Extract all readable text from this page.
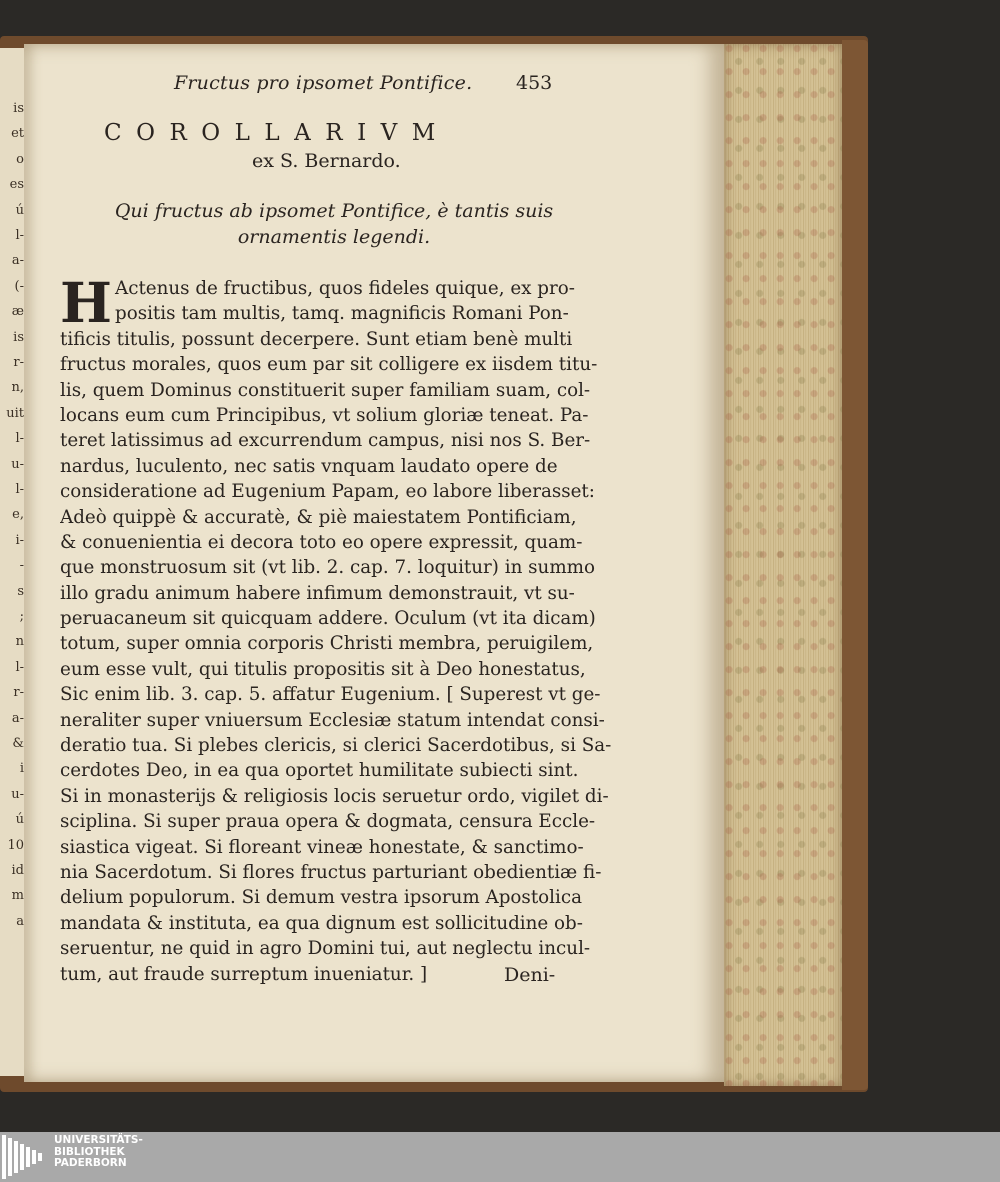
is
et
o
es
ú
l-
a-
(-
æ
is
r-
n,
uit
l-
u-
l-
e,
i-
-
s
;
n
l-
r-
a-
&
i
u-
ú
10
id
m
a
Fructus pro ipsomet Pontifice. 453
COROLLARIVM
ex S. Bernardo.
Qui fructus ab ipsomet Pontifice, è tantis suis
ornamentis legendi.
H Actenus de fructibus, quos fideles quique, ex pro-
positis tam multis, tamq. magnificis Romani Pon-
tificis titulis, possunt decerpere. Sunt etiam benè multi
fructus morales, quos eum par sit colligere ex iisdem titu-
lis, quem Dominus constituerit super familiam suam, col-
locans eum cum Principibus, vt solium gloriæ teneat. Pa-
teret latissimus ad excurrendum campus, nisi nos S. Ber-
nardus, luculento, nec satis vnquam laudato opere de
consideratione ad Eugenium Papam, eo labore liberasset:
Adeò quippè & accuratè, & piè maiestatem Pontificiam,
& conuenientia ei decora toto eo opere expressit, quam-
que monstruosum sit (vt lib. 2. cap. 7. loquitur) in summo
illo gradu animum habere infimum demonstrauit, vt su-
peruacaneum sit quicquam addere. Oculum (vt ita dicam)
totum, super omnia corporis Christi membra, peruigilem,
eum esse vult, qui titulis propositis sit à Deo honestatus,
Sic enim lib. 3. cap. 5. affatur Eugenium. [ Superest vt ge-
neraliter super vniuersum Ecclesiæ statum intendat consi-
deratio tua. Si plebes clericis, si clerici Sacerdotibus, si Sa-
cerdotes Deo, in ea qua oportet humilitate subiecti sint.
Si in monasterijs & religiosis locis seruetur ordo, vigilet di-
sciplina. Si super praua opera & dogmata, censura Eccle-
siastica vigeat. Si floreant vineæ honestate, & sanctimo-
nia Sacerdotum. Si flores fructus parturiant obedientiæ fi-
delium populorum. Si demum vestra ipsorum Apostolica
mandata & instituta, ea qua dignum est sollicitudine ob-
seruentur, ne quid in agro Domini tui, aut neglectu incul-
tum, aut fraude surreptum inueniatur. ]	Deni-
UNIVERSITÄTS-
BIBLIOTHEK
PADERBORN
